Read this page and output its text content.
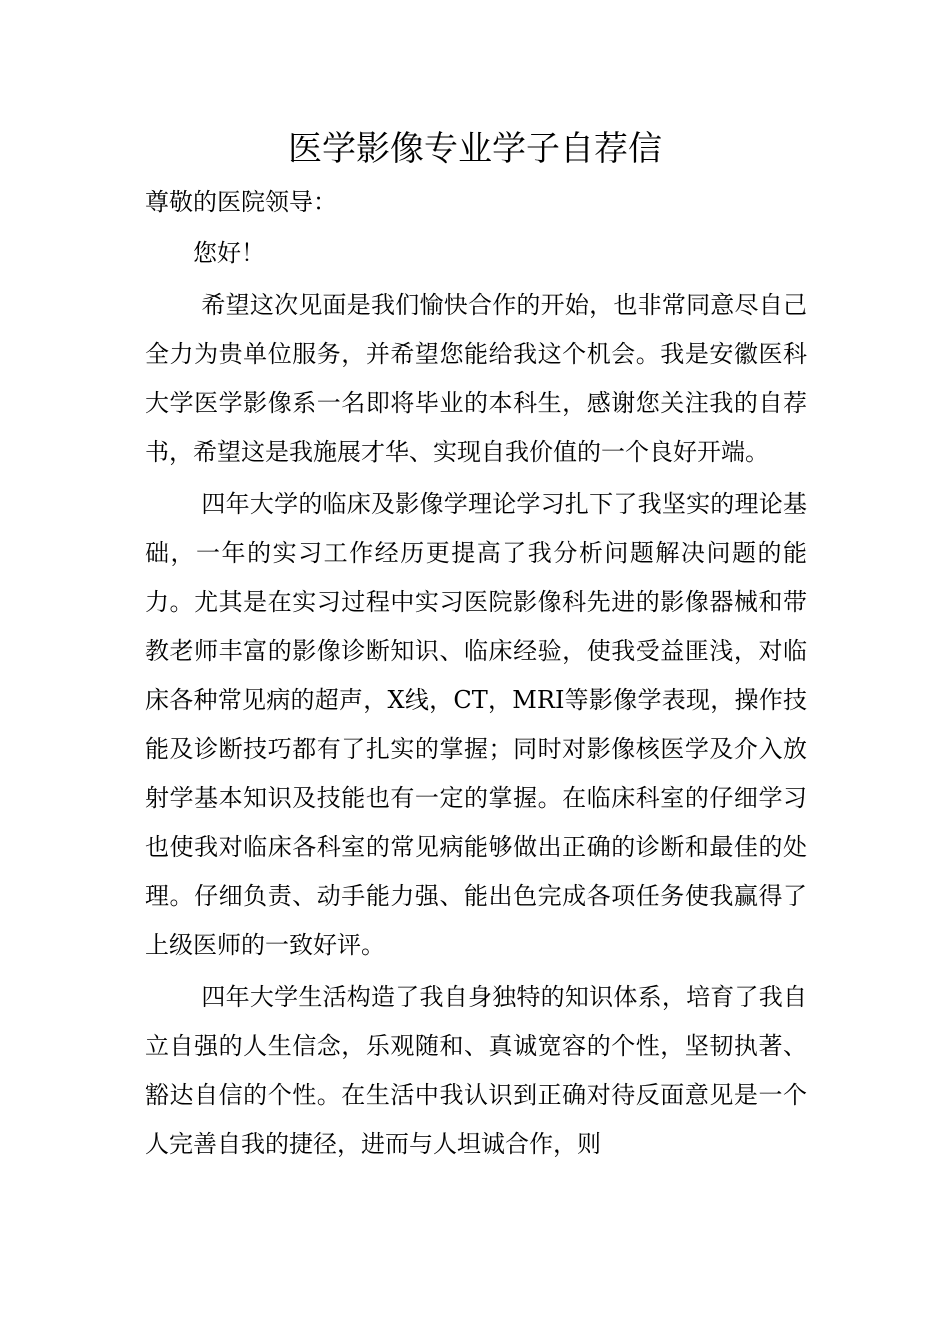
医学影像专业学子自荐信

尊敬的医院领导：

您好！

希望这次见面是我们愉快合作的开始，也非常同意尽自己全力为贵单位服务，并希望您能给我这个机会。我是安徽医科大学医学影像系一名即将毕业的本科生，感谢您关注我的自荐书，希望这是我施展才华、实现自我价值的一个良好开端。

四年大学的临床及影像学理论学习扎下了我坚实的理论基础，一年的实习工作经历更提高了我分析问题解决问题的能力。尤其是在实习过程中实习医院影像科先进的影像器械和带教老师丰富的影像诊断知识、临床经验，使我受益匪浅，对临床各种常见病的超声，X线，CT，MRI等影像学表现，操作技能及诊断技巧都有了扎实的掌握；同时对影像核医学及介入放射学基本知识及技能也有一定的掌握。在临床科室的仔细学习也使我对临床各科室的常见病能够做出正确的诊断和最佳的处理。仔细负责、动手能力强、能出色完成各项任务使我赢得了上级医师的一致好评。

四年大学生活构造了我自身独特的知识体系，培育了我自立自强的人生信念，乐观随和、真诚宽容的个性，坚韧执著、豁达自信的个性。在生活中我认识到正确对待反面意见是一个人完善自我的捷径，进而与人坦诚合作，则
